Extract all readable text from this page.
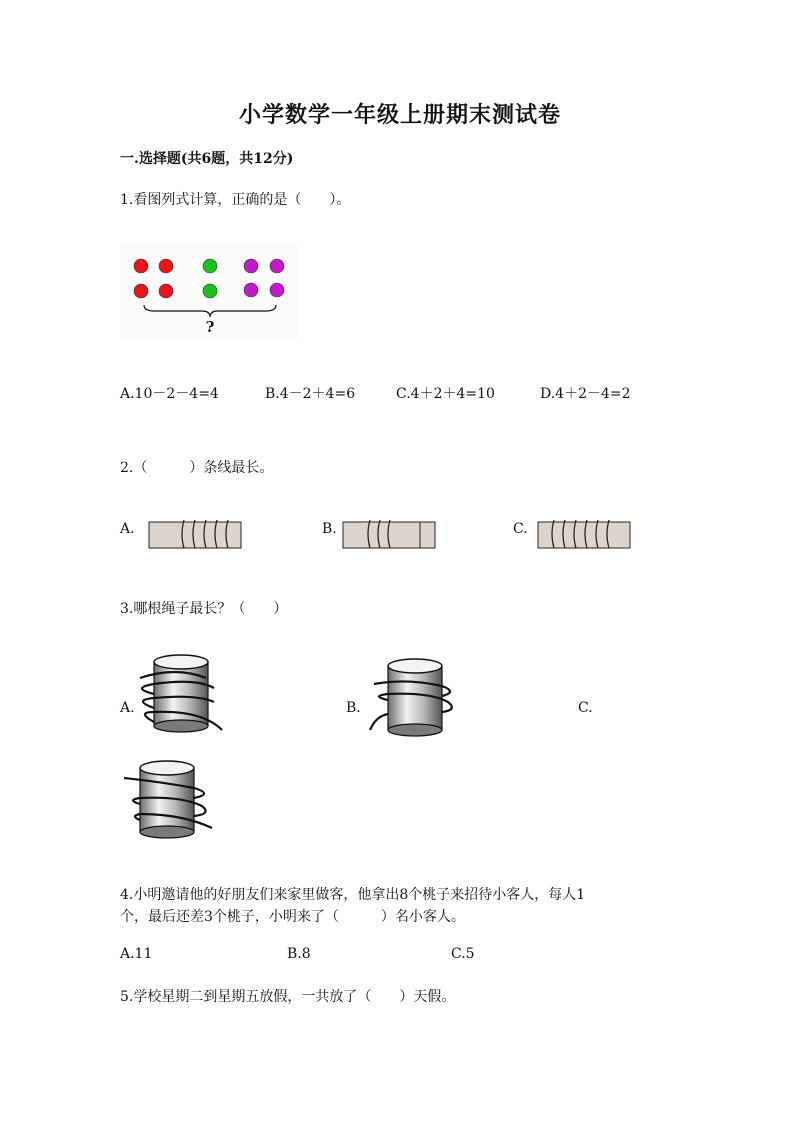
小学数学一年级上册期末测试卷
一.选择题(共6题，共12分)
1.看图列式计算，正确的是（　　）。
?
A.10－2－4=4	B.4－2＋4=6	C.4＋2＋4=10	D.4＋2－4=2
2.（　　　）条线最长。
A.	B.	C.
3.哪根绳子最长？（　　）
A.	B.	C.
4.小明邀请他的好朋友们来家里做客，他拿出8个桃子来招待小客人，每人1
个，最后还差3个桃子，小明来了（　　　）名小客人。
A.11	B.8	C.5
5.学校星期二到星期五放假，一共放了（　　）天假。
